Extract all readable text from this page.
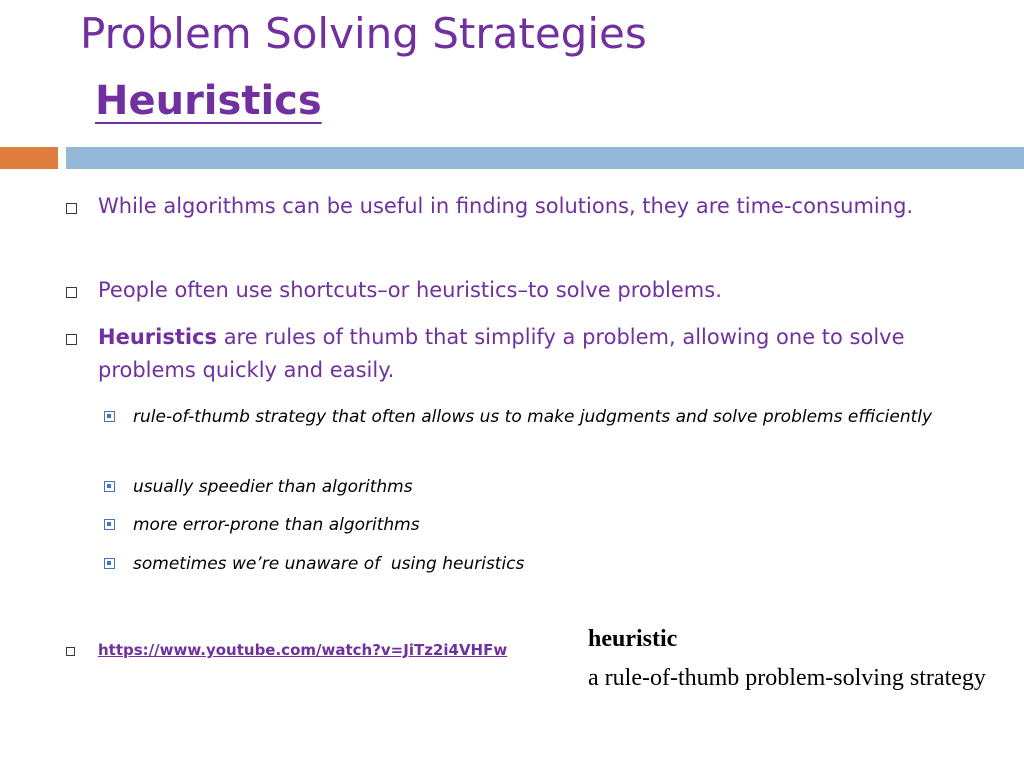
Problem Solving Strategies
Heuristics
While algorithms can be useful in finding solutions, they are time-consuming.
People often use shortcuts–or heuristics–to solve problems.
Heuristics are rules of thumb that simplify a problem, allowing one to solve problems quickly and easily.
rule-of-thumb strategy that often allows us to make judgments and solve problems efficiently
usually speedier than algorithms
more error-prone than algorithms
sometimes we’re unaware of  using heuristics
https://www.youtube.com/watch?v=JiTz2i4VHFw	heuristic
a rule-of-thumb problem-solving strategy
